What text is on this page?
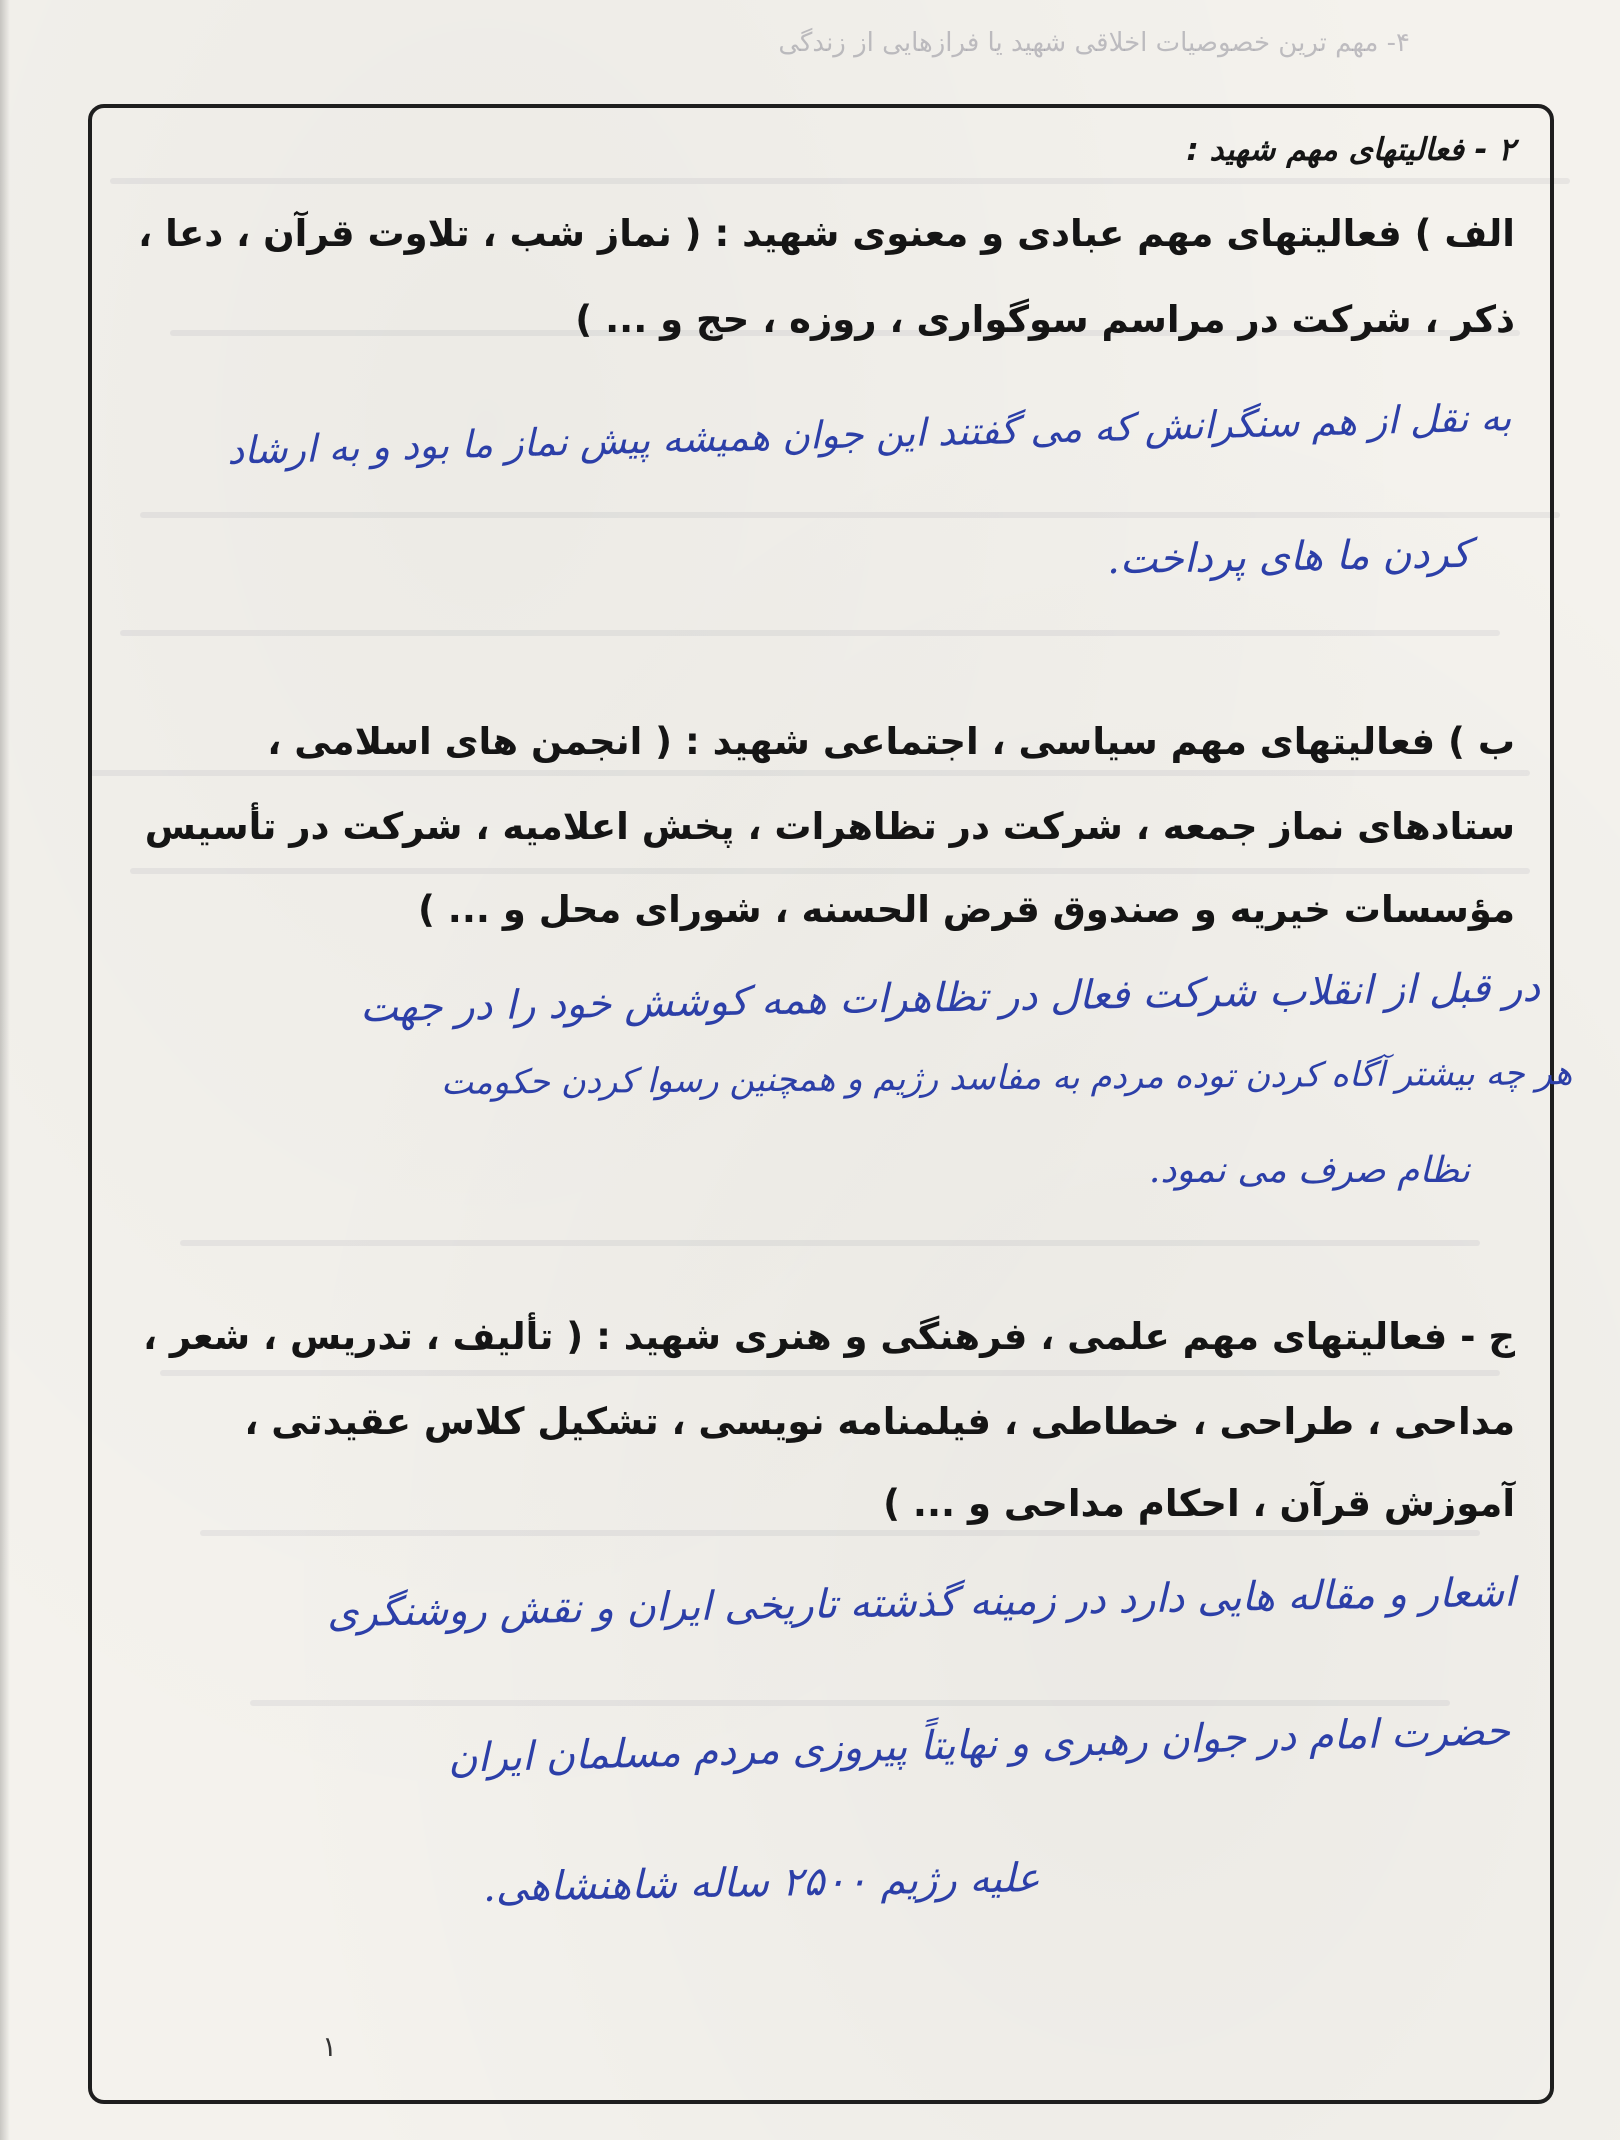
۴- مهم ترین خصوصیات اخلاقی شهید یا فرازهایی از زندگی
۲ - فعالیتهای مهم شهید :
الف ) فعالیتهای مهم عبادی و معنوی شهید : ( نماز شب ، تلاوت قرآن ، دعا ،
ذکر ، شرکت در مراسم سوگواری ، روزه ، حج و ... )
به نقل از هم سنگرانش که می گفتند این جوان همیشه پیش نماز ما بود و به ارشاد
کردن ما های پرداخت.
ب ) فعالیتهای مهم سیاسی ، اجتماعی شهید : ( انجمن های اسلامی ،
ستادهای نماز جمعه ، شرکت در تظاهرات ، پخش اعلامیه ، شرکت در تأسیس
مؤسسات خیریه و صندوق قرض الحسنه ، شورای محل و ... )
در قبل از انقلاب شرکت فعال در تظاهرات همه کوشش خود را در جهت
هر چه بیشتر آگاه کردن توده مردم به مفاسد رژیم و همچنین رسوا کردن حکومت
نظام صرف می نمود.
ج - فعالیتهای مهم علمی ، فرهنگی و هنری شهید : ( تألیف ، تدریس ، شعر ،
مداحی ، طراحی ، خطاطی ، فیلمنامه نویسی ، تشکیل کلاس عقیدتی ،
آموزش قرآن ، احکام مداحی و ... )
اشعار و مقاله هایی دارد در زمینه گذشته تاریخی ایران و نقش روشنگری
حضرت امام در جوان رهبری و نهایتاً پیروزی مردم مسلمان ایران
علیه رژیم ۲۵۰۰ ساله شاهنشاهی.
۱
